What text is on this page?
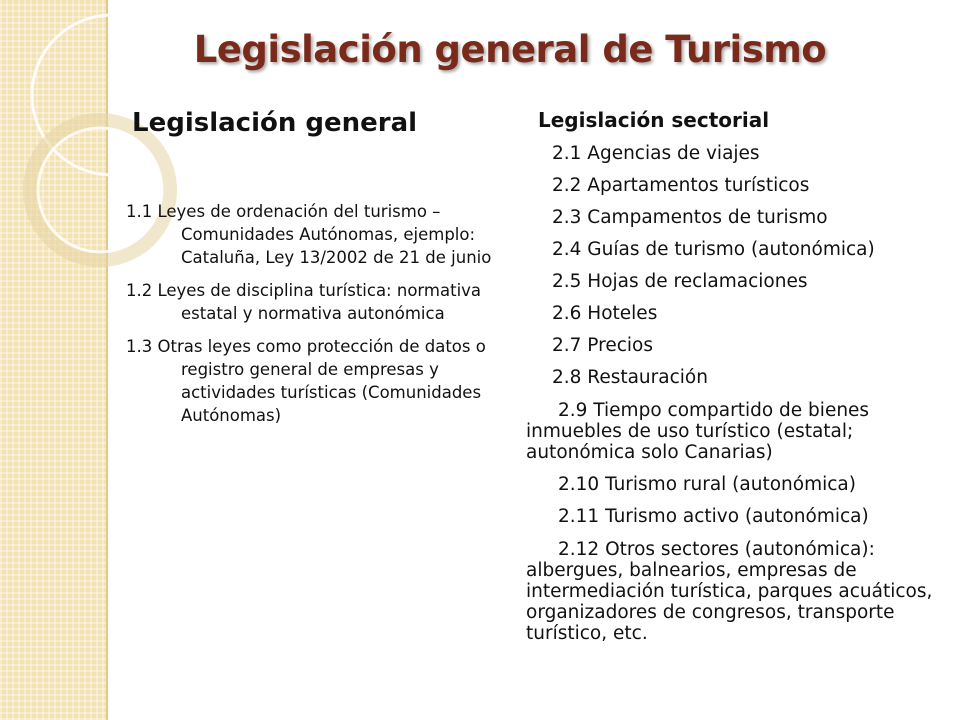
Legislación general de Turismo
Legislación general
1.1 Leyes de ordenación del turismo – Comunidades Autónomas, ejemplo: Cataluña, Ley 13/2002 de 21 de junio
1.2 Leyes de disciplina turística: normativa estatal y normativa autonómica
1.3 Otras leyes como protección de datos o registro general de empresas y actividades turísticas (Comunidades Autónomas)
Legislación sectorial
2.1 Agencias de viajes
2.2 Apartamentos turísticos
2.3 Campamentos de turismo
2.4 Guías de turismo (autonómica)
2.5 Hojas de reclamaciones
2.6 Hoteles
2.7 Precios
2.8 Restauración
2.9 Tiempo compartido de bienes inmuebles de uso turístico (estatal; autonómica solo Canarias)
2.10 Turismo rural (autonómica)
2.11 Turismo activo (autonómica)
2.12 Otros sectores (autonómica): albergues, balnearios, empresas de intermediación turística, parques acuáticos, organizadores de congresos, transporte turístico, etc.
